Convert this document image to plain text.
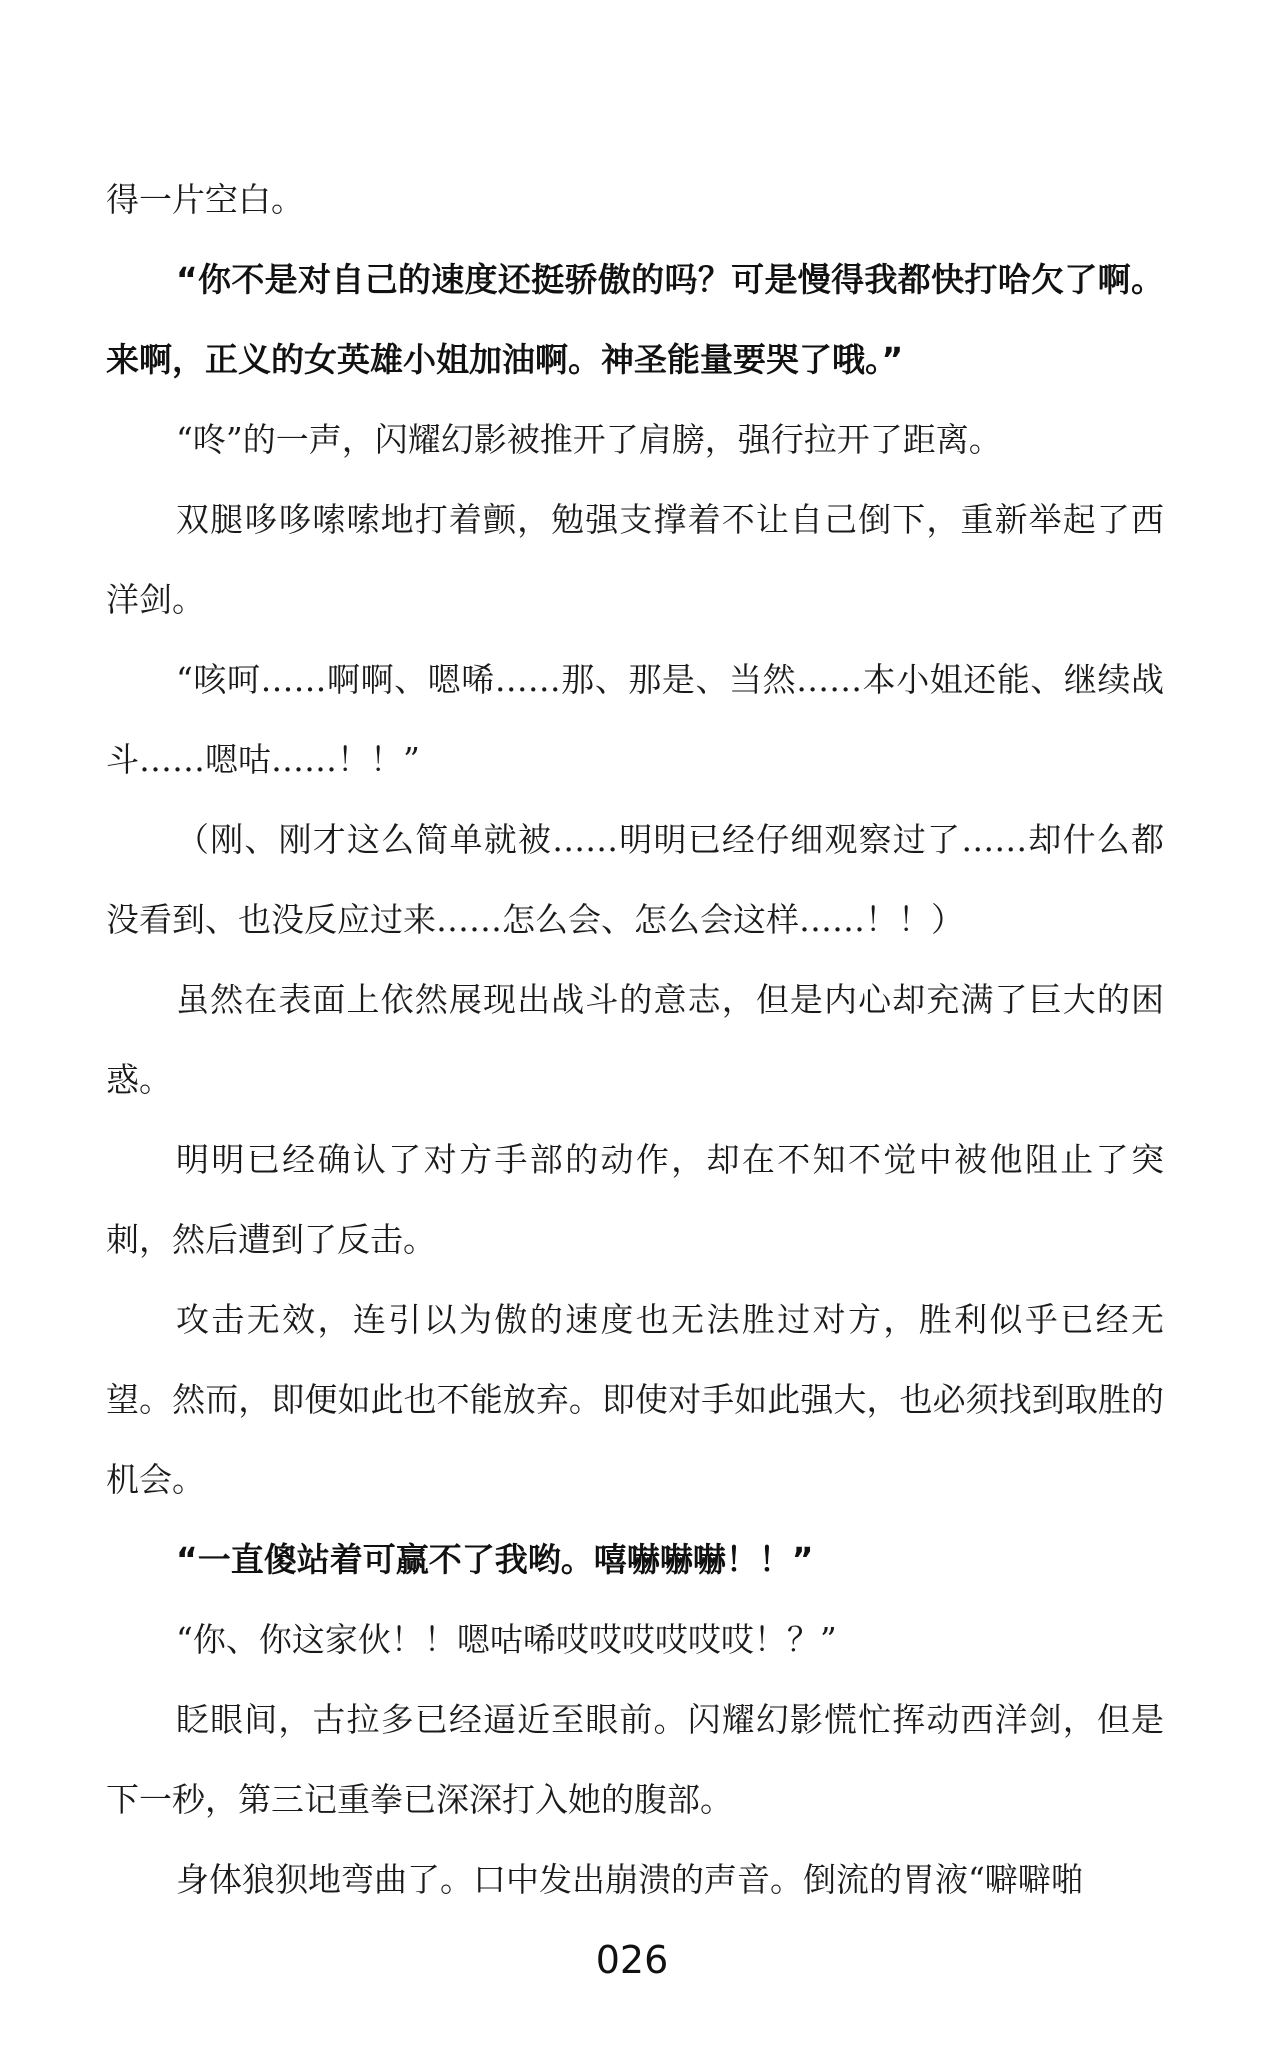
得一片空白。

“你不是对自己的速度还挺骄傲的吗？可是慢得我都快打哈欠了啊。来啊，正义的女英雄小姐加油啊。神圣能量要哭了哦。”

“咚”的一声，闪耀幻影被推开了肩膀，强行拉开了距离。

双腿哆哆嗦嗦地打着颤，勉强支撑着不让自己倒下，重新举起了西洋剑。

“咳呵……啊啊、嗯唏……那、那是、当然……本小姐还能、继续战斗……嗯咕……！！”

（刚、刚才这么简单就被……明明已经仔细观察过了……却什么都没看到、也没反应过来……怎么会、怎么会这样……！！）

虽然在表面上依然展现出战斗的意志，但是内心却充满了巨大的困惑。

明明已经确认了对方手部的动作，却在不知不觉中被他阻止了突刺，然后遭到了反击。

攻击无效，连引以为傲的速度也无法胜过对方，胜利似乎已经无望。然而，即便如此也不能放弃。即使对手如此强大，也必须找到取胜的机会。

“一直傻站着可赢不了我哟。嘻嚇嚇嚇！！”

“你、你这家伙！！嗯咕唏哎哎哎哎哎哎！？”

眨眼间，古拉多已经逼近至眼前。闪耀幻影慌忙挥动西洋剑，但是下一秒，第三记重拳已深深打入她的腹部。

身体狼狈地弯曲了。口中发出崩溃的声音。倒流的胃液“噼噼啪

026
